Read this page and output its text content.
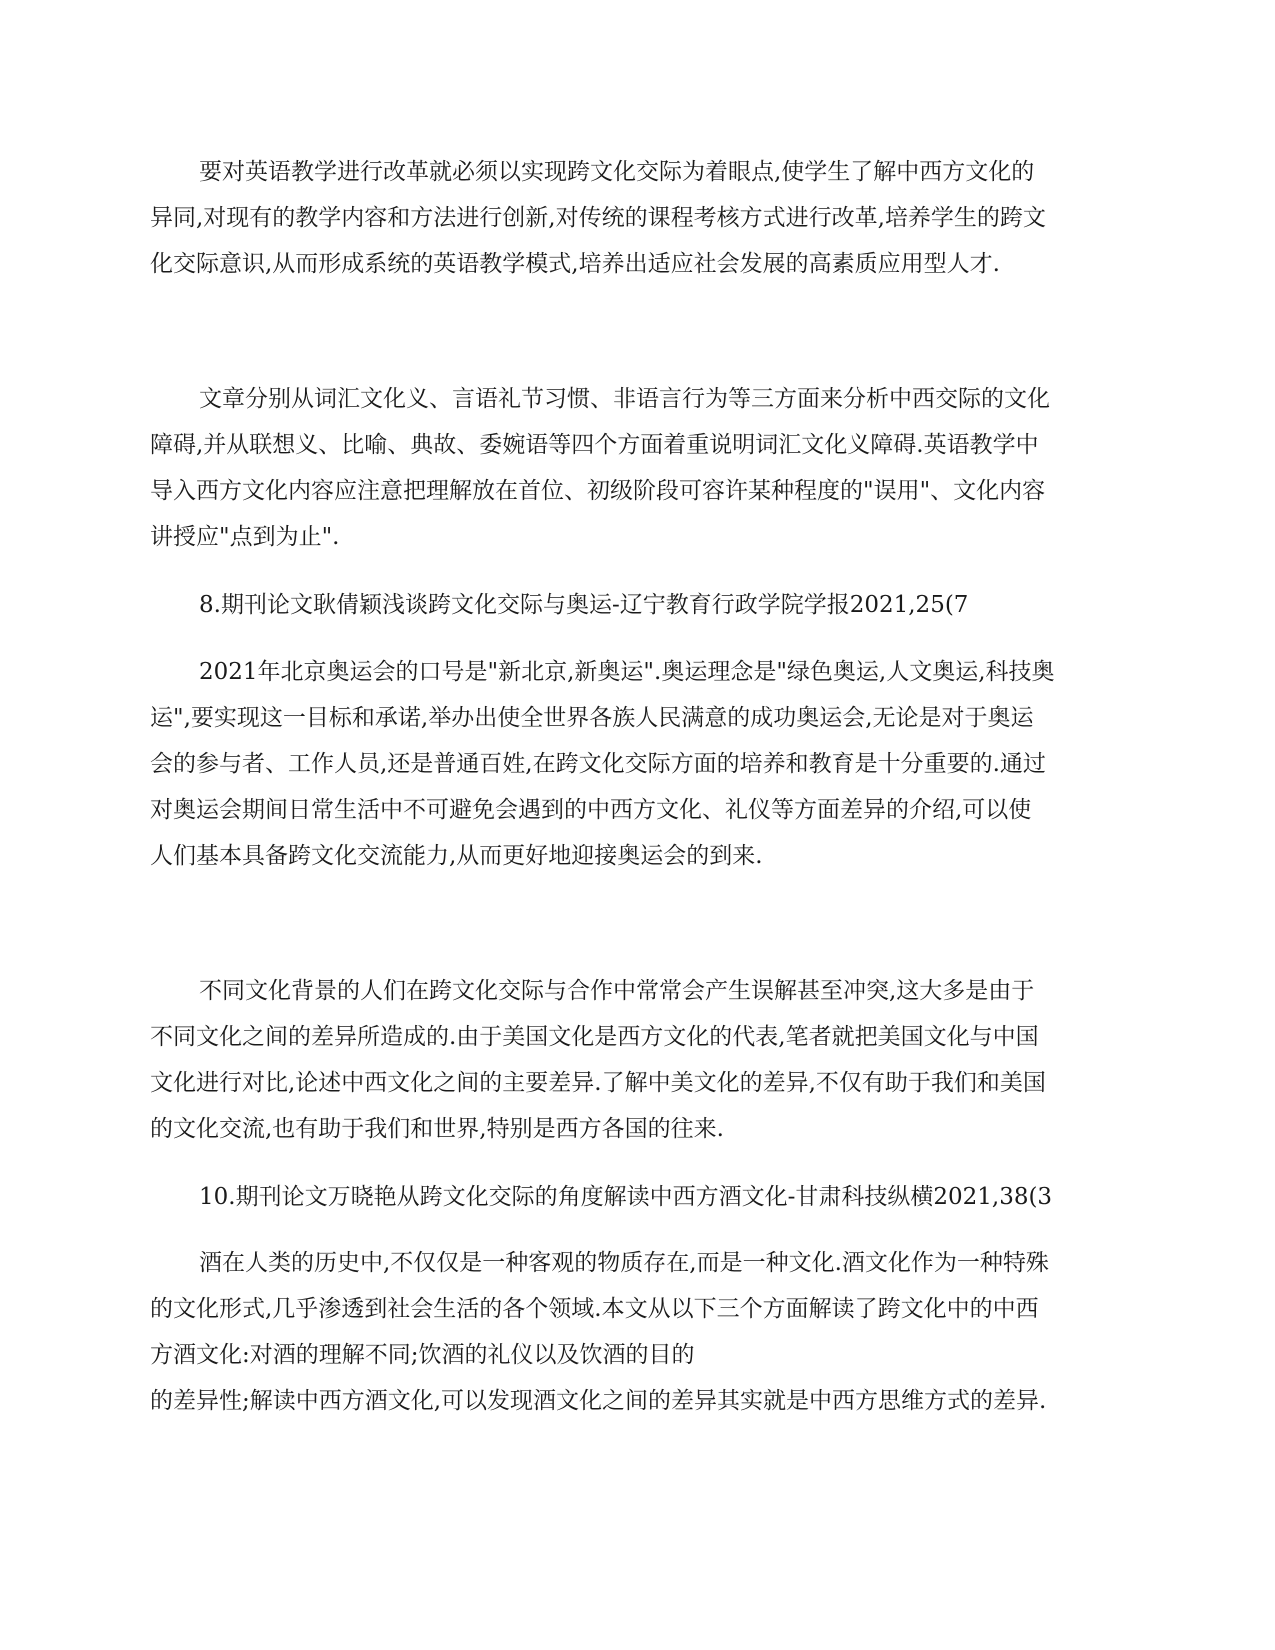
要对英语教学进行改革就必须以实现跨文化交际为着眼点,使学生了解中西方文化的

异同,对现有的教学内容和方法进行创新,对传统的课程考核方式进行改革,培养学生的跨文

化交际意识,从而形成系统的英语教学模式,培养出适应社会发展的高素质应用型人才.

文章分别从词汇文化义、言语礼节习惯、非语言行为等三方面来分析中西交际的文化

障碍,并从联想义、比喻、典故、委婉语等四个方面着重说明词汇文化义障碍.英语教学中

导入西方文化内容应注意把理解放在首位、初级阶段可容许某种程度的"误用"、文化内容

讲授应"点到为止".

8.期刊论文耿倩颖浅谈跨文化交际与奥运-辽宁教育行政学院学报2021,25(7

2021年北京奥运会的口号是"新北京,新奥运".奥运理念是"绿色奥运,人文奥运,科技奥

运",要实现这一目标和承诺,举办出使全世界各族人民满意的成功奥运会,无论是对于奥运

会的参与者、工作人员,还是普通百姓,在跨文化交际方面的培养和教育是十分重要的.通过

对奥运会期间日常生活中不可避免会遇到的中西方文化、礼仪等方面差异的介绍,可以使

人们基本具备跨文化交流能力,从而更好地迎接奥运会的到来.

不同文化背景的人们在跨文化交际与合作中常常会产生误解甚至冲突,这大多是由于

不同文化之间的差异所造成的.由于美国文化是西方文化的代表,笔者就把美国文化与中国

文化进行对比,论述中西文化之间的主要差异.了解中美文化的差异,不仅有助于我们和美国

的文化交流,也有助于我们和世界,特别是西方各国的往来.

10.期刊论文万晓艳从跨文化交际的角度解读中西方酒文化-甘肃科技纵横2021,38(3

酒在人类的历史中,不仅仅是一种客观的物质存在,而是一种文化.酒文化作为一种特殊

的文化形式,几乎渗透到社会生活的各个领域.本文从以下三个方面解读了跨文化中的中西

方酒文化:对酒的理解不同;饮酒的礼仪以及饮酒的目的

的差异性;解读中西方酒文化,可以发现酒文化之间的差异其实就是中西方思维方式的差异.
